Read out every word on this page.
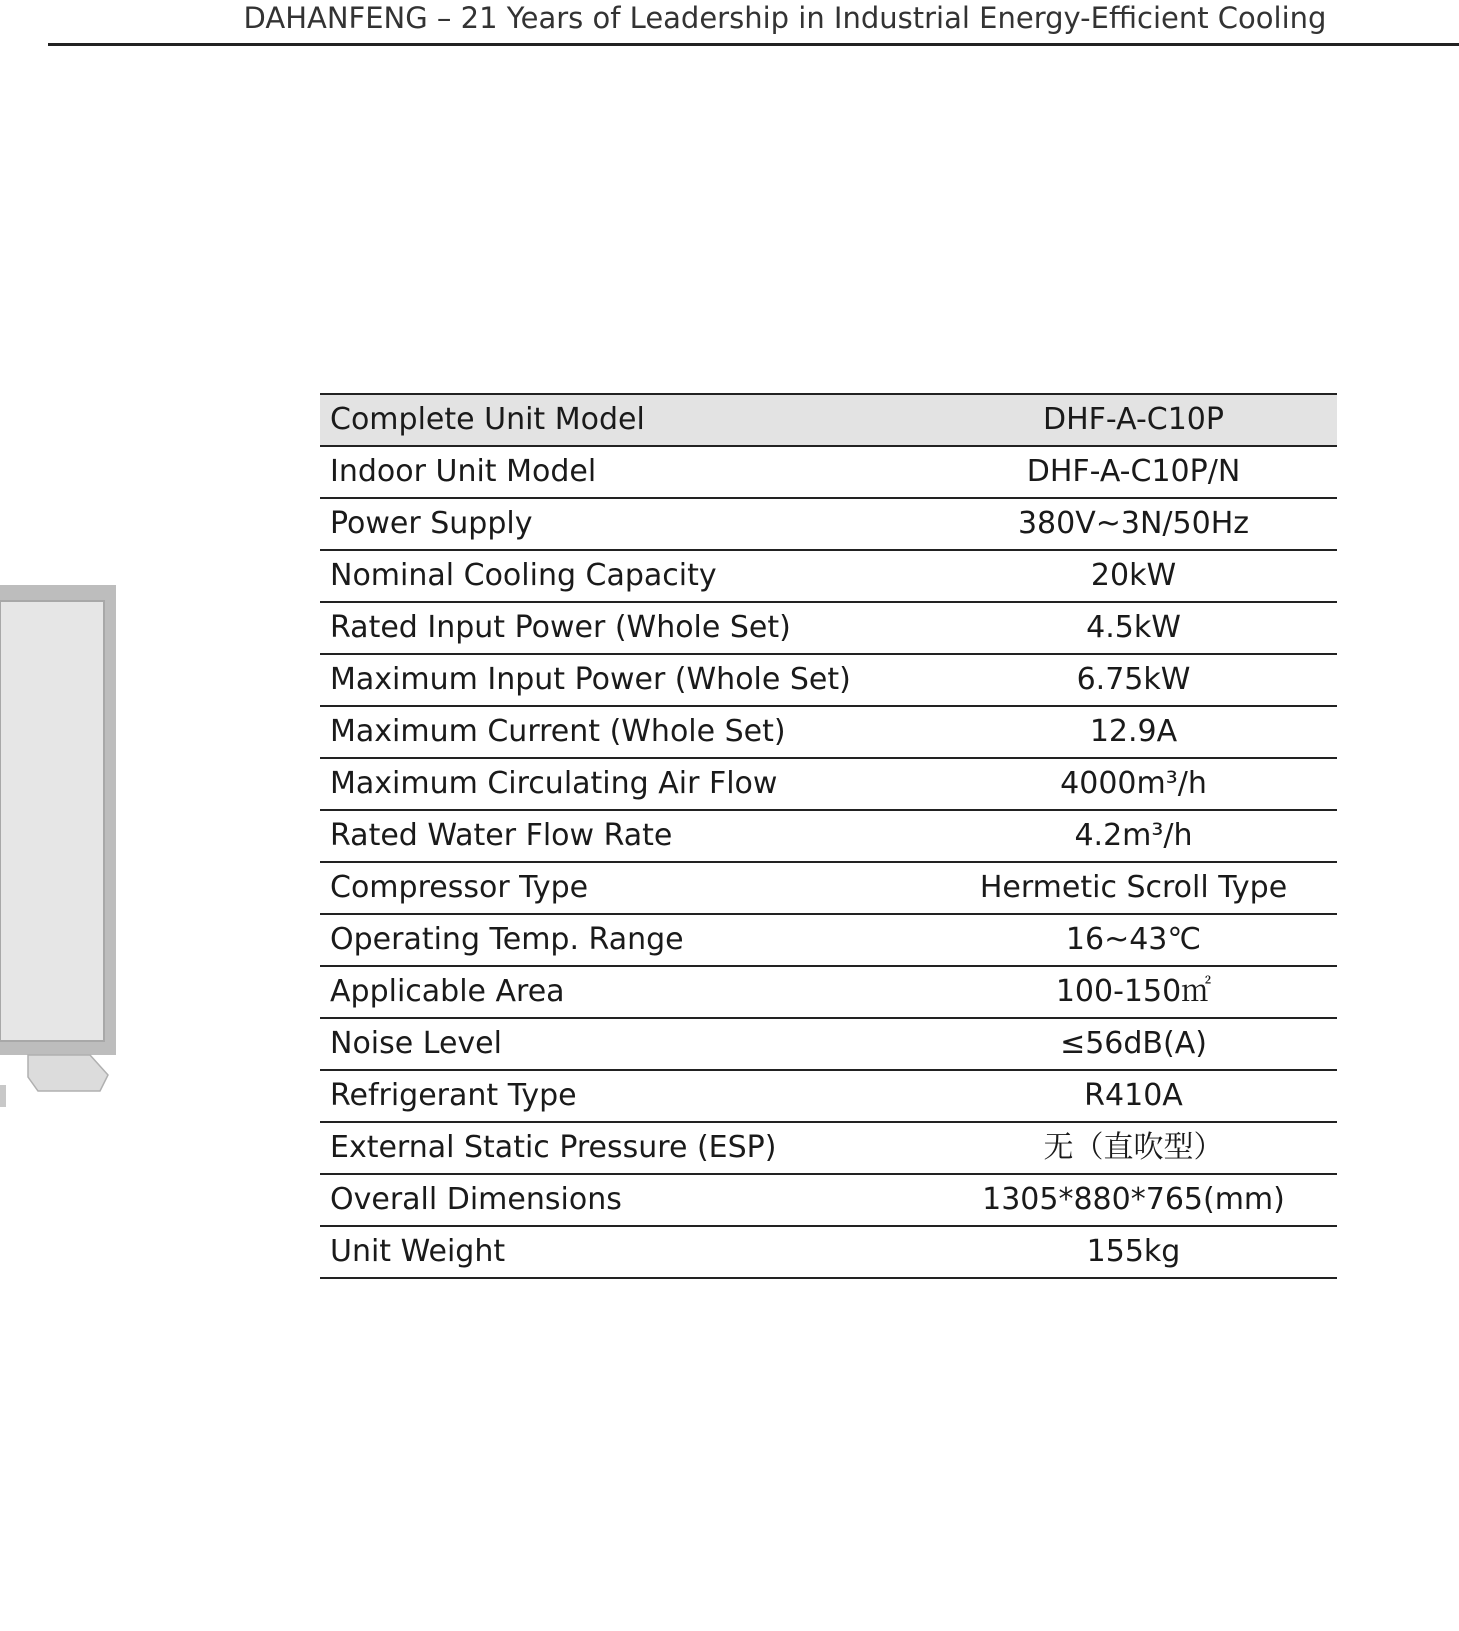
DAHANFENG – 21 Years of Leadership in Industrial Energy-Efficient Cooling
Complete Unit Model	DHF-A-C10P
Indoor Unit Model	DHF-A-C10P/N
Power Supply	380V~3N/50Hz
Nominal Cooling Capacity	20kW
Rated Input Power (Whole Set)	4.5kW
Maximum Input Power (Whole Set)	6.75kW
Maximum Current (Whole Set)	12.9A
Maximum Circulating Air Flow	4000m³/h
Rated Water Flow Rate	4.2m³/h
Compressor Type	Hermetic Scroll Type
Operating Temp. Range	16~43℃
Applicable Area	100-150㎡
Noise Level	≤56dB(A)
Refrigerant Type	R410A
External Static Pressure (ESP)	无（直吹型）
Overall Dimensions	1305*880*765(mm)
Unit Weight	155kg
